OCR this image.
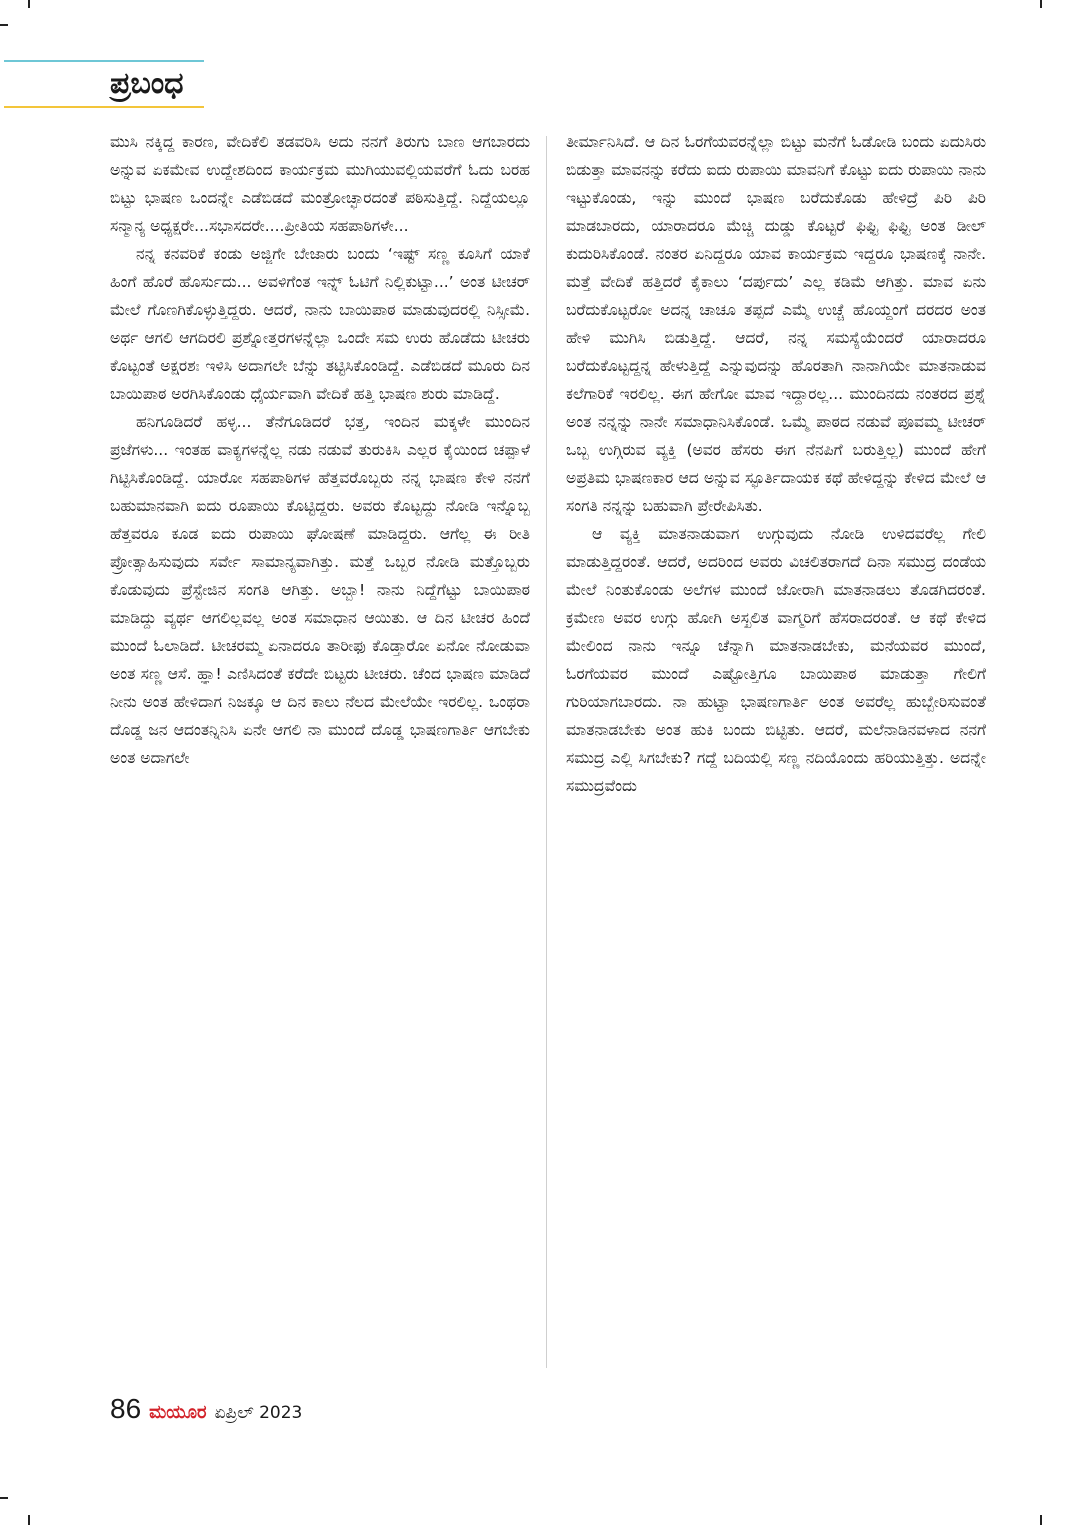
ಪ್ರಬಂಧ

ಮುಸಿ ನಕ್ಕಿದ್ದ ಕಾರಣ, ವೇದಿಕೆಲಿ ತಡವರಿಸಿ ಅದು ನನಗೆ ತಿರುಗು ಬಾಣ ಆಗಬಾರದು ಅನ್ನುವ ಏಕಮೇವ ಉದ್ದೇಶದಿಂದ ಕಾರ್ಯಕ್ರಮ ಮುಗಿಯುವಲ್ಲಿಯವರೆಗೆ ಓದು ಬರಹ ಬಿಟ್ಟು ಭಾಷಣ ಒಂದನ್ನೇ ಎಡೆಬಿಡದೆ ಮಂತ್ರೋಚ್ಛಾರದಂತೆ ಪಠಿಸುತ್ತಿದ್ದೆ. ನಿದ್ದೆಯಲ್ಲೂ ಸನ್ಮಾನ್ಯ ಅಧ್ಯಕ್ಷರೇ...ಸಭಾಸದರೇ....ಪ್ರೀತಿಯ ಸಹಪಾಠಿಗಳೇ...

ನನ್ನ ಕನವರಿಕೆ ಕಂಡು ಅಜ್ಜಿಗೇ ಬೇಜಾರು ಬಂದು ‘ಇಷ್ಟ್ ಸಣ್ಣ ಕೂಸಿಗೆ ಯಾಕೆ ಹಿಂಗೆ ಹೊರೆ ಹೊರ್ಸುದು... ಅವಳಿಗೆಂತ ಇನ್ನ್ ಓಟಿಗೆ ನಿಲ್ಲಿಕುಟ್ಟಾ...’ ಅಂತ ಟೀಚರ್ ಮೇಲೆ ಗೊಣಗಿಕೊಳ್ಳುತ್ತಿದ್ದರು. ಆದರೆ, ನಾನು ಬಾಯಿಪಾಠ ಮಾಡುವುದರಲ್ಲಿ ನಿಸ್ಸೀಮೆ. ಅರ್ಥ ಆಗಲಿ ಆಗದಿರಲಿ ಪ್ರಶ್ನೋತ್ತರಗಳನ್ನೆಲ್ಲಾ ಒಂದೇ ಸಮ ಉರು ಹೊಡೆದು ಟೀಚರು ಕೊಟ್ಟಂತೆ ಅಕ್ಷರಶಃ ಇಳಿಸಿ ಅದಾಗಲೇ ಬೆನ್ನು ತಟ್ಟಿಸಿಕೊಂಡಿದ್ದೆ. ಎಡೆಬಿಡದೆ ಮೂರು ದಿನ ಬಾಯಿಪಾಠ ಅರಗಿಸಿಕೊಂಡು ಧೈರ್ಯವಾಗಿ ವೇದಿಕೆ ಹತ್ತಿ ಭಾಷಣ ಶುರು ಮಾಡಿದ್ದೆ.

ಹನಿಗೂಡಿದರೆ ಹಳ್ಳ... ತೆನೆಗೂಡಿದರೆ ಭತ್ತ, ಇಂದಿನ ಮಕ್ಕಳೇ ಮುಂದಿನ ಪ್ರಜೆಗಳು... ಇಂತಹ ವಾಕ್ಯಗಳನ್ನೆಲ್ಲ ನಡು ನಡುವೆ ತುರುಕಿಸಿ ಎಲ್ಲರ ಕೈಯಿಂದ ಚಪ್ಪಾಳೆ ಗಿಟ್ಟಿಸಿಕೊಂಡಿದ್ದೆ. ಯಾರೋ ಸಹಪಾಠಿಗಳ ಹೆತ್ತವರೊಬ್ಬರು ನನ್ನ ಭಾಷಣ ಕೇಳಿ ನನಗೆ ಬಹುಮಾನವಾಗಿ ಐದು ರೂಪಾಯಿ ಕೊಟ್ಟಿದ್ದರು. ಅವರು ಕೊಟ್ಟದ್ದು ನೋಡಿ ಇನ್ನೊಬ್ಬ ಹೆತ್ತವರೂ ಕೂಡ ಐದು ರುಪಾಯಿ ಘೋಷಣೆ ಮಾಡಿದ್ದರು. ಆಗೆಲ್ಲ ಈ ರೀತಿ ಪ್ರೋತ್ಸಾಹಿಸುವುದು ಸರ್ವೇ ಸಾಮಾನ್ಯವಾಗಿತ್ತು. ಮತ್ತೆ ಒಬ್ಬರ ನೋಡಿ ಮತ್ತೊಬ್ಬರು ಕೊಡುವುದು ಪ್ರೆಸ್ಟೇಜಿನ ಸಂಗತಿ ಆಗಿತ್ತು. ಅಬ್ಬಾ! ನಾನು ನಿದ್ದೆಗೆಟ್ಟು ಬಾಯಿಪಾಠ ಮಾಡಿದ್ದು ವ್ಯರ್ಥ ಆಗಲಿಲ್ಲವಲ್ಲ ಅಂತ ಸಮಾಧಾನ ಆಯಿತು. ಆ ದಿನ ಟೀಚರ ಹಿಂದೆ ಮುಂದೆ ಓಲಾಡಿದೆ. ಟೀಚರಮ್ಮ ಏನಾದರೂ ತಾರೀಫು ಕೊಡ್ತಾರೋ ಏನೋ ನೋಡುವಾ ಅಂತ ಸಣ್ಣ ಆಸೆ. ಹ್ಞಾ! ಎಣಿಸಿದಂತೆ ಕರೆದೇ ಬಿಟ್ಟರು ಟೀಚರು. ಚೆಂದ ಭಾಷಣ ಮಾಡಿದೆ ನೀನು ಅಂತ ಹೇಳಿದಾಗ ನಿಜಕ್ಕೂ ಆ ದಿನ ಕಾಲು ನೆಲದ ಮೇಲೆಯೇ ಇರಲಿಲ್ಲ. ಒಂಥರಾ ದೊಡ್ಡ ಜನ ಆದಂತನ್ನಿನಿಸಿ ಏನೇ ಆಗಲಿ ನಾ ಮುಂದೆ ದೊಡ್ಡ ಭಾಷಣಗಾರ್ತಿ ಆಗಬೇಕು ಅಂತ ಅದಾಗಲೇ

ತೀರ್ಮಾನಿಸಿದೆ. ಆ ದಿನ ಓರಗೆಯವರನ್ನೆಲ್ಲಾ ಬಿಟ್ಟು ಮನೆಗೆ ಓಡೋಡಿ ಬಂದು ಏದುಸಿರು ಬಿಡುತ್ತಾ ಮಾವನನ್ನು ಕರೆದು ಐದು ರುಪಾಯಿ ಮಾವನಿಗೆ ಕೊಟ್ಟು ಐದು ರುಪಾಯಿ ನಾನು ಇಟ್ಟುಕೊಂಡು, ಇನ್ನು ಮುಂದೆ ಭಾಷಣ ಬರೆದುಕೊಡು ಹೇಳಿದ್ರೆ ಪಿರಿ ಪಿರಿ ಮಾಡಬಾರದು, ಯಾರಾದರೂ ಮೆಚ್ಚಿ ದುಡ್ಡು ಕೊಟ್ಟರೆ ಫಿಫ್ಟಿ ಫಿಫ್ಟಿ ಅಂತ ಡೀಲ್ ಕುದುರಿಸಿಕೊಂಡೆ. ನಂತರ ಏನಿದ್ದರೂ ಯಾವ ಕಾರ್ಯಕ್ರಮ ಇದ್ದರೂ ಭಾಷಣಕ್ಕೆ ನಾನೇ. ಮತ್ತೆ ವೇದಿಕೆ ಹತ್ತಿದರೆ ಕೈಕಾಲು ‘ದರ್ಪುದು’ ಎಲ್ಲ ಕಡಿಮೆ ಆಗಿತ್ತು. ಮಾವ ಏನು ಬರೆದುಕೊಟ್ಟರೋ ಅದನ್ನ ಚಾಚೂ ತಪ್ಪದೆ ಎಮ್ಮೆ ಉಚ್ಚೆ ಹೊಯ್ದಂಗೆ ದರದರ ಅಂತ ಹೇಳಿ ಮುಗಿಸಿ ಬಿಡುತ್ತಿದ್ದೆ. ಆದರೆ, ನನ್ನ ಸಮಸ್ಯೆಯೆಂದರೆ ಯಾರಾದರೂ ಬರೆದುಕೊಟ್ಟದ್ದನ್ನ ಹೇಳುತ್ತಿದ್ದೆ ಎನ್ನುವುದನ್ನು ಹೊರತಾಗಿ ನಾನಾಗಿಯೇ ಮಾತನಾಡುವ ಕಲೆಗಾರಿಕೆ ಇರಲಿಲ್ಲ. ಈಗ ಹೇಗೋ ಮಾವ ಇದ್ದಾರಲ್ಲ... ಮುಂದಿನದು ನಂತರದ ಪ್ರಶ್ನೆ ಅಂತ ನನ್ನನ್ನು ನಾನೇ ಸಮಾಧಾನಿಸಿಕೊಂಡೆ. ಒಮ್ಮೆ ಪಾಠದ ನಡುವೆ ಪೂವಮ್ಮ ಟೀಚರ್ ಒಬ್ಬ ಉಗ್ಗಿರುವ ವ್ಯಕ್ತಿ (ಅವರ ಹೆಸರು ಈಗ ನೆನಪಿಗೆ ಬರುತ್ತಿಲ್ಲ) ಮುಂದೆ ಹೇಗೆ ಅಪ್ರತಿಮ ಭಾಷಣಕಾರ ಆದ ಅನ್ನುವ ಸ್ಫೂರ್ತಿದಾಯಕ ಕಥೆ ಹೇಳಿದ್ದನ್ನು ಕೇಳಿದ ಮೇಲೆ ಆ ಸಂಗತಿ ನನ್ನನ್ನು ಬಹುವಾಗಿ ಪ್ರೇರೇಪಿಸಿತು.

ಆ ವ್ಯಕ್ತಿ ಮಾತನಾಡುವಾಗ ಉಗ್ಗುವುದು ನೋಡಿ ಉಳಿದವರೆಲ್ಲ ಗೇಲಿ ಮಾಡುತ್ತಿದ್ದರಂತೆ. ಆದರೆ, ಅದರಿಂದ ಅವರು ವಿಚಲಿತರಾಗದೆ ದಿನಾ ಸಮುದ್ರ ದಂಡೆಯ ಮೇಲೆ ನಿಂತುಕೊಂಡು ಅಲೆಗಳ ಮುಂದೆ ಜೋರಾಗಿ ಮಾತನಾಡಲು ತೊಡಗಿದರಂತೆ. ಕ್ರಮೇಣ ಅವರ ಉಗ್ಗು ಹೋಗಿ ಅಸ್ಖಲಿತ ವಾಗ್ಮರಿಗೆ ಹೆಸರಾದರಂತೆ. ಆ ಕಥೆ ಕೇಳಿದ ಮೇಲಿಂದ ನಾನು ಇನ್ನೂ ಚೆನ್ನಾಗಿ ಮಾತನಾಡಬೇಕು, ಮನೆಯವರ ಮುಂದೆ, ಓರಗೆಯವರ ಮುಂದೆ ಎಷ್ಟೋತ್ತಿಗೂ ಬಾಯಿಪಾಠ ಮಾಡುತ್ತಾ ಗೇಲಿಗೆ ಗುರಿಯಾಗಬಾರದು. ನಾ ಹುಟ್ಟಾ ಭಾಷಣಗಾರ್ತಿ ಅಂತ ಅವರೆಲ್ಲ ಹುಬ್ಬೇರಿಸುವಂತೆ ಮಾತನಾಡಬೇಕು ಅಂತ ಹುಕಿ ಬಂದು ಬಿಟ್ಟಿತು. ಆದರೆ, ಮಲೆನಾಡಿನವಳಾದ ನನಗೆ ಸಮುದ್ರ ಎಲ್ಲಿ ಸಿಗಬೇಕು? ಗದ್ದೆ ಬದಿಯಲ್ಲಿ ಸಣ್ಣ ನದಿಯೊಂದು ಹರಿಯುತ್ತಿತ್ತು. ಅದನ್ನೇ ಸಮುದ್ರವೆಂದು

86 ಮಯೂರ ಏಪ್ರಿಲ್ 2023
